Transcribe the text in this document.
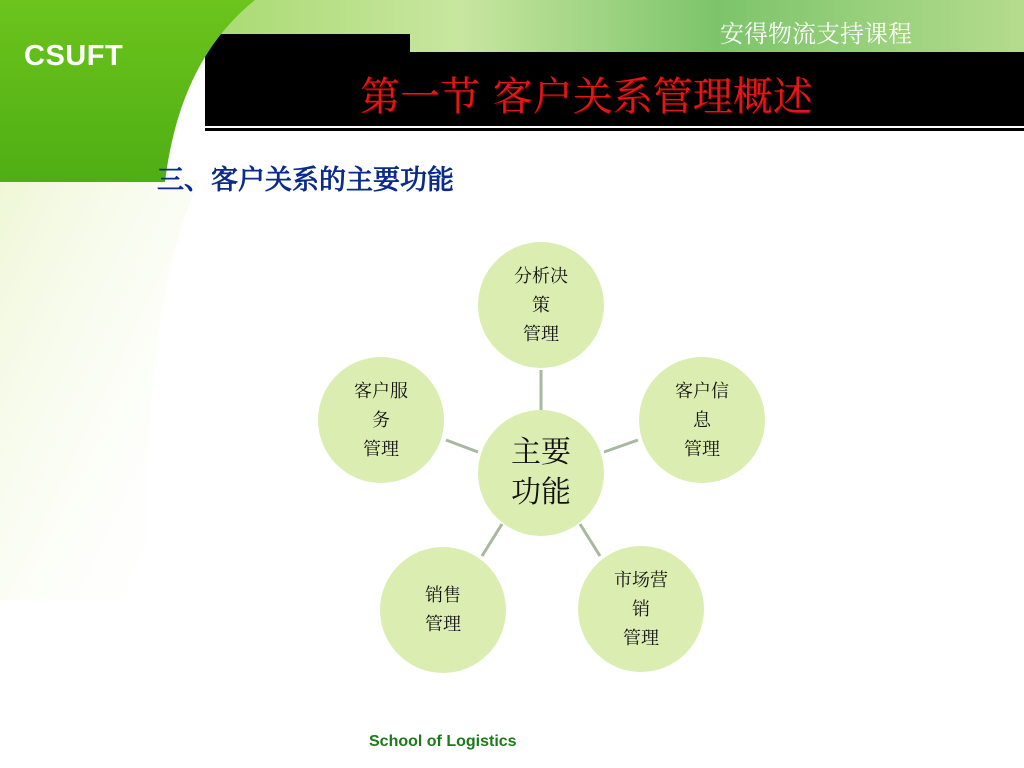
CSUFT
安得物流支持课程
第一节 客户关系管理概述
三、客户关系的主要功能
主要
功能
分析决
策
管理
客户信
息
管理
市场营
销
管理
销售
管理
客户服
务
管理
School of Logistics
